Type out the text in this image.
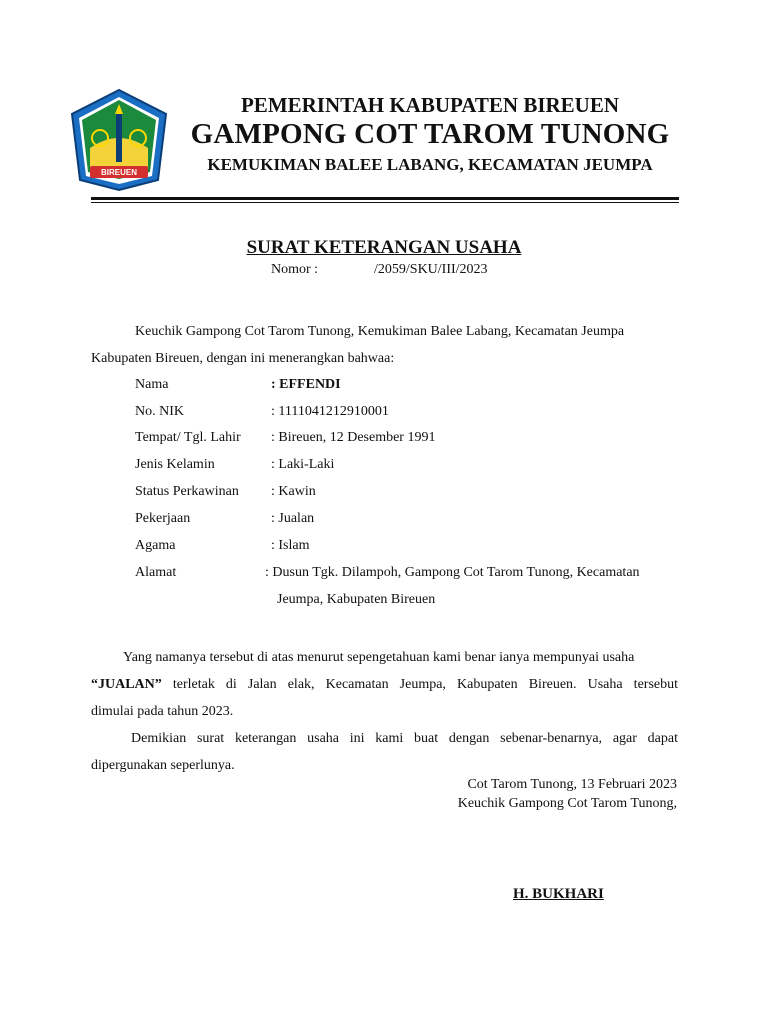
BIREUEN
PEMERINTAH KABUPATEN BIREUEN
GAMPONG COT TAROM TUNONG
KEMUKIMAN BALEE LABANG, KECAMATAN JEUMPA
SURAT KETERANGAN USAHA
Nomor :	/2059/SKU/III/2023
Keuchik Gampong Cot Tarom Tunong, Kemukiman Balee Labang, Kecamatan Jeumpa
Kabupaten Bireuen, dengan ini menerangkan bahwaa:
Nama	: EFFENDI
No. NIK	: 1111041212910001
Tempat/ Tgl. Lahir : Bireuen, 12 Desember 1991
Jenis Kelamin	: Laki-Laki
Status Perkawinan : Kawin
Pekerjaan	: Jualan
Agama	: Islam
Alamat	: Dusun Tgk. Dilampoh, Gampong Cot Tarom Tunong, Kecamatan
Jeumpa, Kabupaten Bireuen
Yang namanya tersebut di atas menurut sepengetahuan kami benar ianya mempunyai usaha
“JUALAN” terletak di Jalan elak, Kecamatan Jeumpa, Kabupaten Bireuen. Usaha tersebut
dimulai pada tahun 2023.
Demikian surat keterangan usaha ini kami buat dengan sebenar-benarnya, agar dapat
dipergunakan seperlunya.
Cot Tarom Tunong, 13 Februari 2023
Keuchik Gampong Cot Tarom Tunong,
H. BUKHARI
